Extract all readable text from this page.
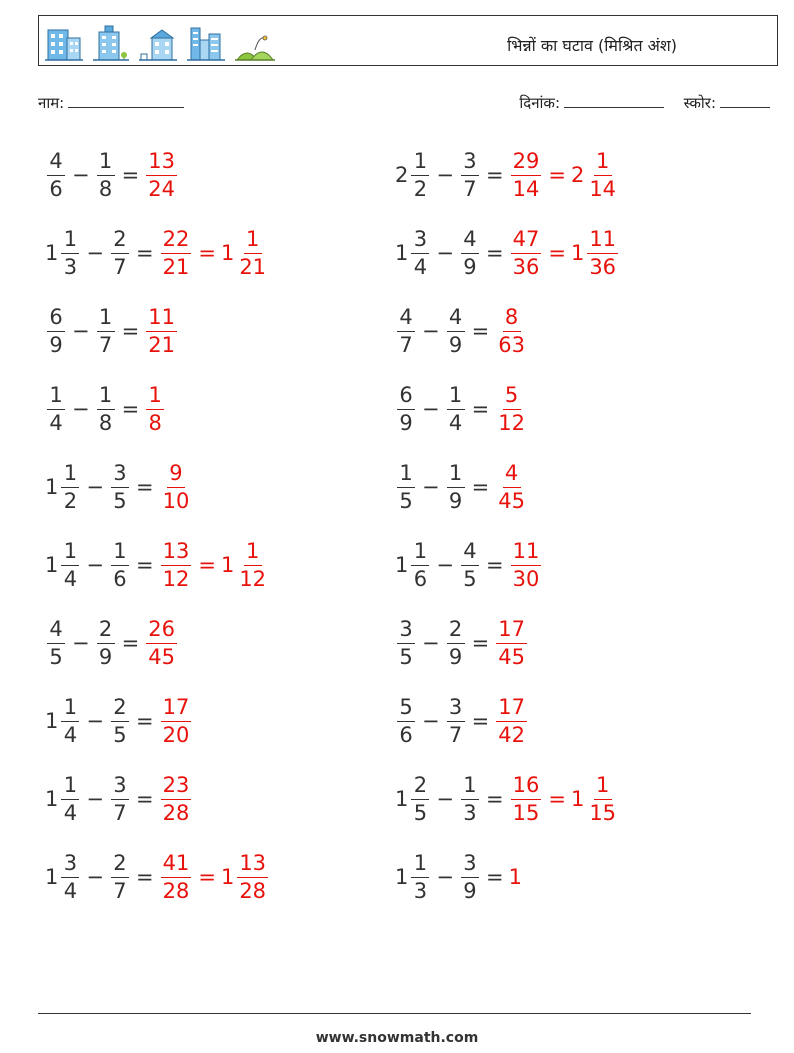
भिन्नों का घटाव (मिश्रित अंश)
नाम:	दिनांक:	स्कोर:
$\frac{4}{6} - \frac{1}{8} = \frac{13}{24}$	$2 \frac{1}{2} - \frac{3}{7} = \frac{29}{14} = 2 \frac{1}{14}$
$1 \frac{1}{3} - \frac{2}{7} = \frac{22}{21} = 1 \frac{1}{21}$	$1 \frac{3}{4} - \frac{4}{9} = \frac{47}{36} = 1 \frac{11}{36}$
$\frac{6}{9} - \frac{1}{7} = \frac{11}{21}$	$\frac{4}{7} - \frac{4}{9} = \frac{8}{63}$
$\frac{1}{4} - \frac{1}{8} = \frac{1}{8}$	$\frac{6}{9} - \frac{1}{4} = \frac{5}{12}$
$1 \frac{1}{2} - \frac{3}{5} = \frac{9}{10}$	$\frac{1}{5} - \frac{1}{9} = \frac{4}{45}$
$1 \frac{1}{4} - \frac{1}{6} = \frac{13}{12} = 1 \frac{1}{12}$	$1 \frac{1}{6} - \frac{4}{5} = \frac{11}{30}$
$\frac{4}{5} - \frac{2}{9} = \frac{26}{45}$	$\frac{3}{5} - \frac{2}{9} = \frac{17}{45}$
$1 \frac{1}{4} - \frac{2}{5} = \frac{17}{20}$	$\frac{5}{6} - \frac{3}{7} = \frac{17}{42}$
$1 \frac{1}{4} - \frac{3}{7} = \frac{23}{28}$	$1 \frac{2}{5} - \frac{1}{3} = \frac{16}{15} = 1 \frac{1}{15}$
$1 \frac{3}{4} - \frac{2}{7} = \frac{41}{28} = 1 \frac{13}{28}$	$1 \frac{1}{3} - \frac{3}{9} = 1$
www.snowmath.com
